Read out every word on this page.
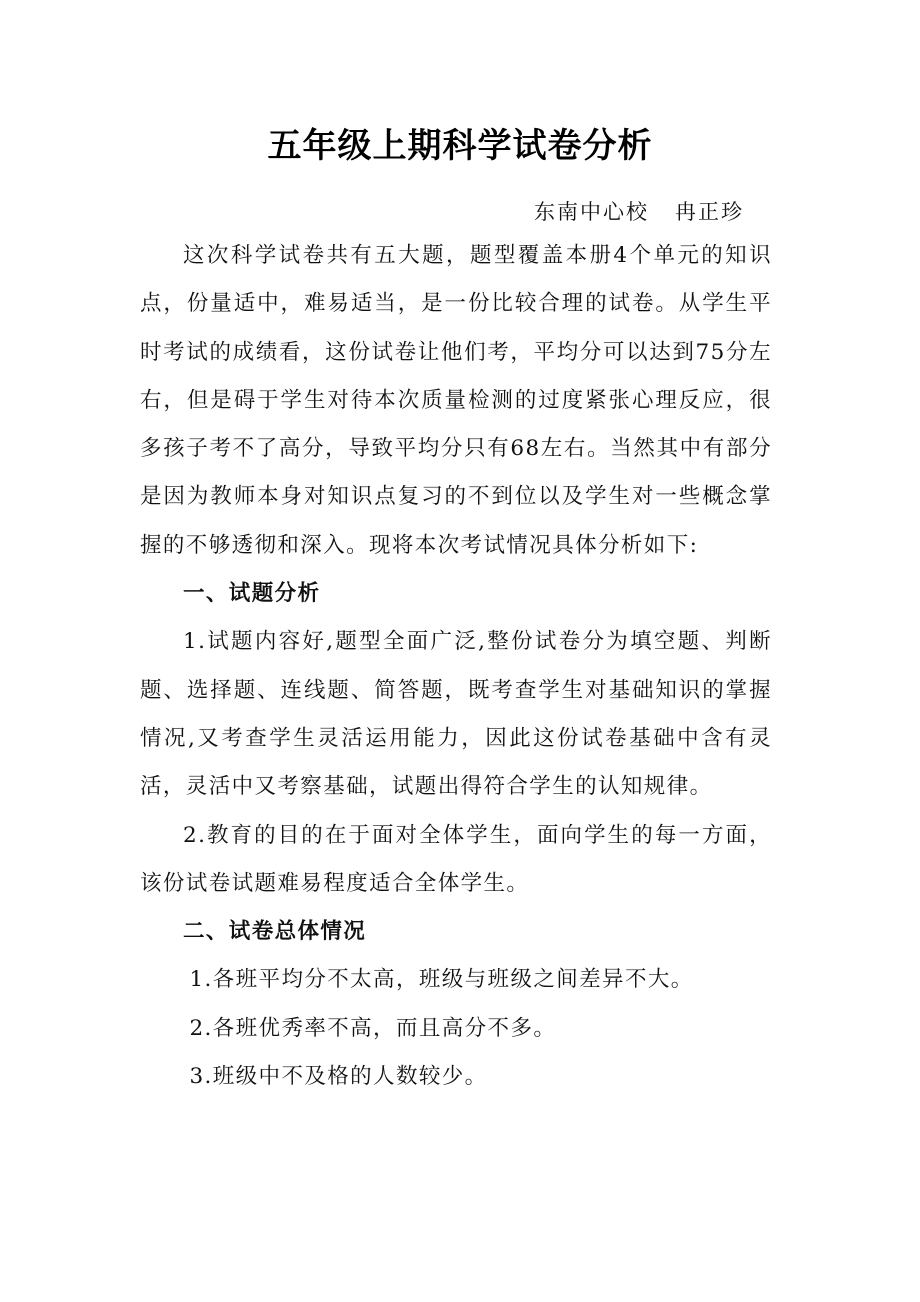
五年级上期科学试卷分析
东南中心校   冉正珍

这次科学试卷共有五大题，题型覆盖本册4个单元的知识点，份量适中，难易适当，是一份比较合理的试卷。从学生平时考试的成绩看，这份试卷让他们考，平均分可以达到75分左右，但是碍于学生对待本次质量检测的过度紧张心理反应，很多孩子考不了高分，导致平均分只有68左右。当然其中有部分是因为教师本身对知识点复习的不到位以及学生对一些概念掌握的不够透彻和深入。现将本次考试情况具体分析如下:

一、试题分析

1.试题内容好,题型全面广泛,整份试卷分为填空题、判断题、选择题、连线题、简答题，既考查学生对基础知识的掌握情况,又考查学生灵活运用能力，因此这份试卷基础中含有灵活，灵活中又考察基础，试题出得符合学生的认知规律。

2.教育的目的在于面对全体学生，面向学生的每一方面，该份试卷试题难易程度适合全体学生。

二、试卷总体情况

1.各班平均分不太高，班级与班级之间差异不大。

2.各班优秀率不高，而且高分不多。

3.班级中不及格的人数较少。
